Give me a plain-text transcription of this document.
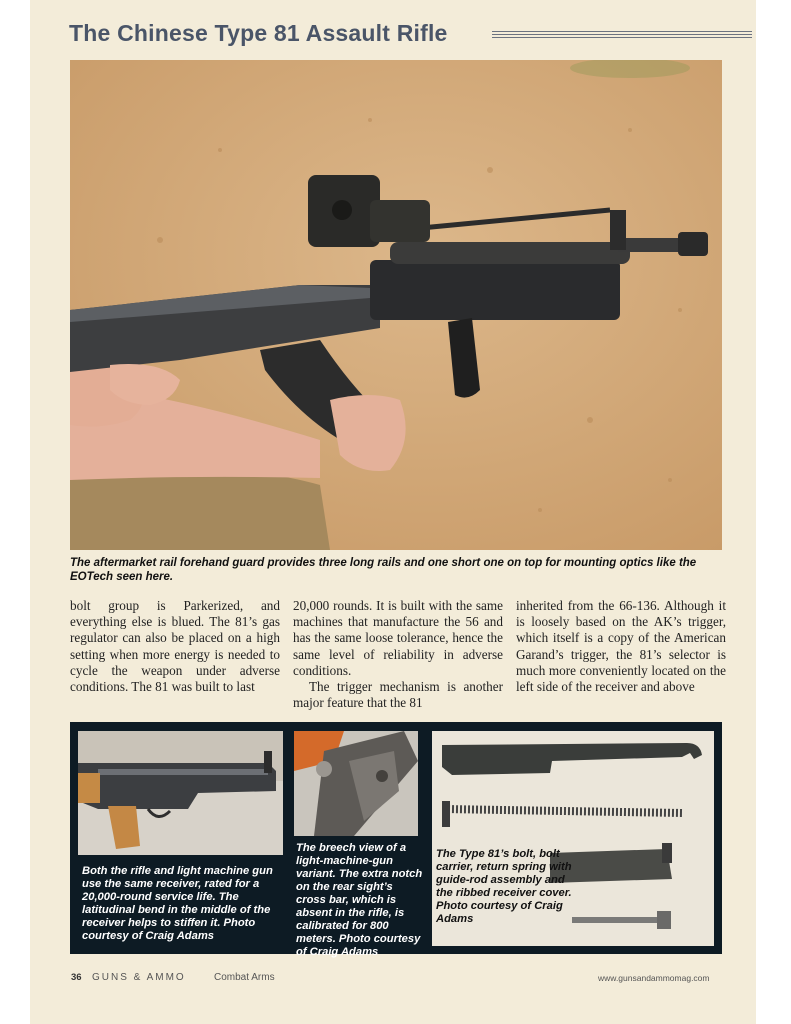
The Chinese Type 81 Assault Rifle
The aftermarket rail forehand guard provides three long rails and one short one on top for mounting optics like the EOTech seen here.
bolt group is Parkerized, and everything else is blued. The 81’s gas regulator can also be placed on a high setting when more energy is needed to cycle the weapon under adverse conditions. The 81 was built to last
20,000 rounds. It is built with the same machines that manufacture the 56 and has the same loose tolerance, hence the same level of reliability in adverse conditions.
The trigger mechanism is another major feature that the 81
inherited from the 66-136. Although it is loosely based on the AK’s trigger, which itself is a copy of the American Garand’s trigger, the 81’s selector is much more conveniently located on the left side of the receiver and above
Both the rifle and light machine gun use the same receiver, rated for a 20,000-round service life. The latitudinal bend in the middle of the receiver helps to stiffen it. Photo courtesy of Craig Adams
The breech view of a light-machine-gun variant. The extra notch on the rear sight’s cross bar, which is absent in the rifle, is calibrated for 800 meters. Photo courtesy of Craig Adams
The Type 81’s bolt, bolt carrier, return spring with guide-rod assembly and the ribbed receiver cover. Photo courtesy of Craig Adams
36 GUNS & AMMO	Combat Arms	www.gunsandammomag.com
